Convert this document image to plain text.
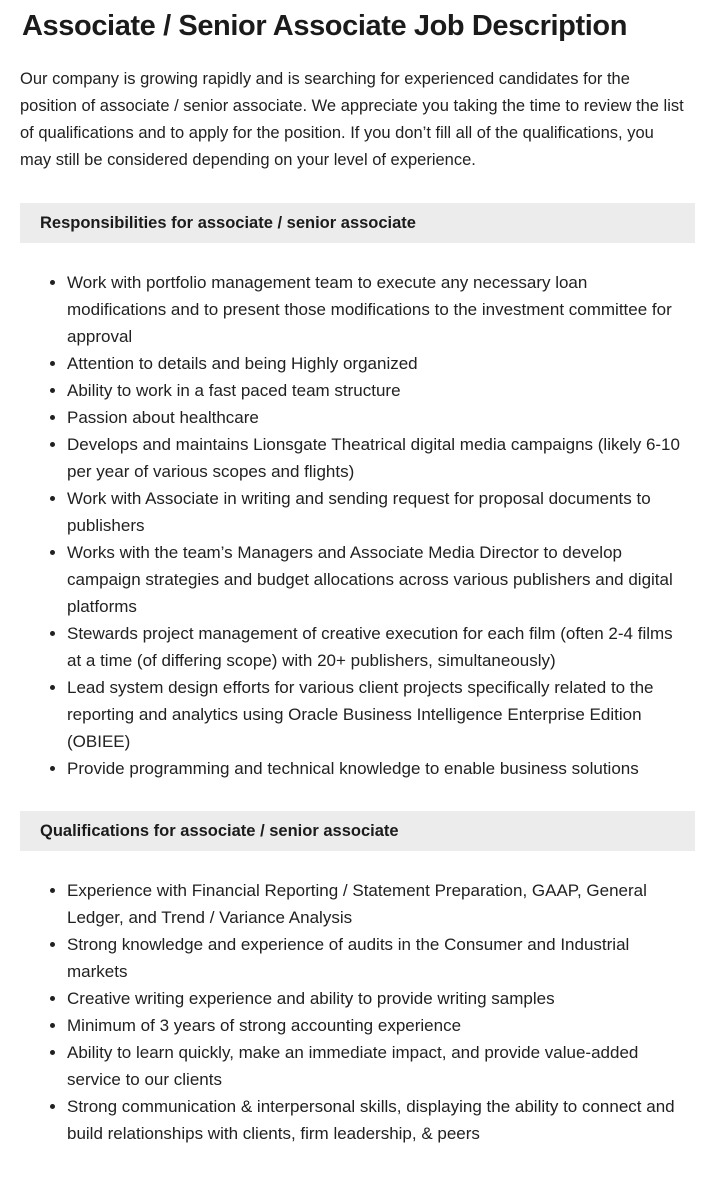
Associate / Senior Associate Job Description

Our company is growing rapidly and is searching for experienced candidates for the position of associate / senior associate. We appreciate you taking the time to review the list of qualifications and to apply for the position. If you don’t fill all of the qualifications, you may still be considered depending on your level of experience.

Responsibilities for associate / senior associate
Work with portfolio management team to execute any necessary loan modifications and to present those modifications to the investment committee for approval
Attention to details and being Highly organized
Ability to work in a fast paced team structure
Passion about healthcare
Develops and maintains Lionsgate Theatrical digital media campaigns (likely 6-10 per year of various scopes and flights)
Work with Associate in writing and sending request for proposal documents to publishers
Works with the team’s Managers and Associate Media Director to develop campaign strategies and budget allocations across various publishers and digital platforms
Stewards project management of creative execution for each film (often 2-4 films at a time (of differing scope) with 20+ publishers, simultaneously)
Lead system design efforts for various client projects specifically related to the reporting and analytics using Oracle Business Intelligence Enterprise Edition (OBIEE)
Provide programming and technical knowledge to enable business solutions
Qualifications for associate / senior associate
Experience with Financial Reporting / Statement Preparation, GAAP, General Ledger, and Trend / Variance Analysis
Strong knowledge and experience of audits in the Consumer and Industrial markets
Creative writing experience and ability to provide writing samples
Minimum of 3 years of strong accounting experience
Ability to learn quickly, make an immediate impact, and provide value-added service to our clients
Strong communication & interpersonal skills, displaying the ability to connect and build relationships with clients, firm leadership, & peers
